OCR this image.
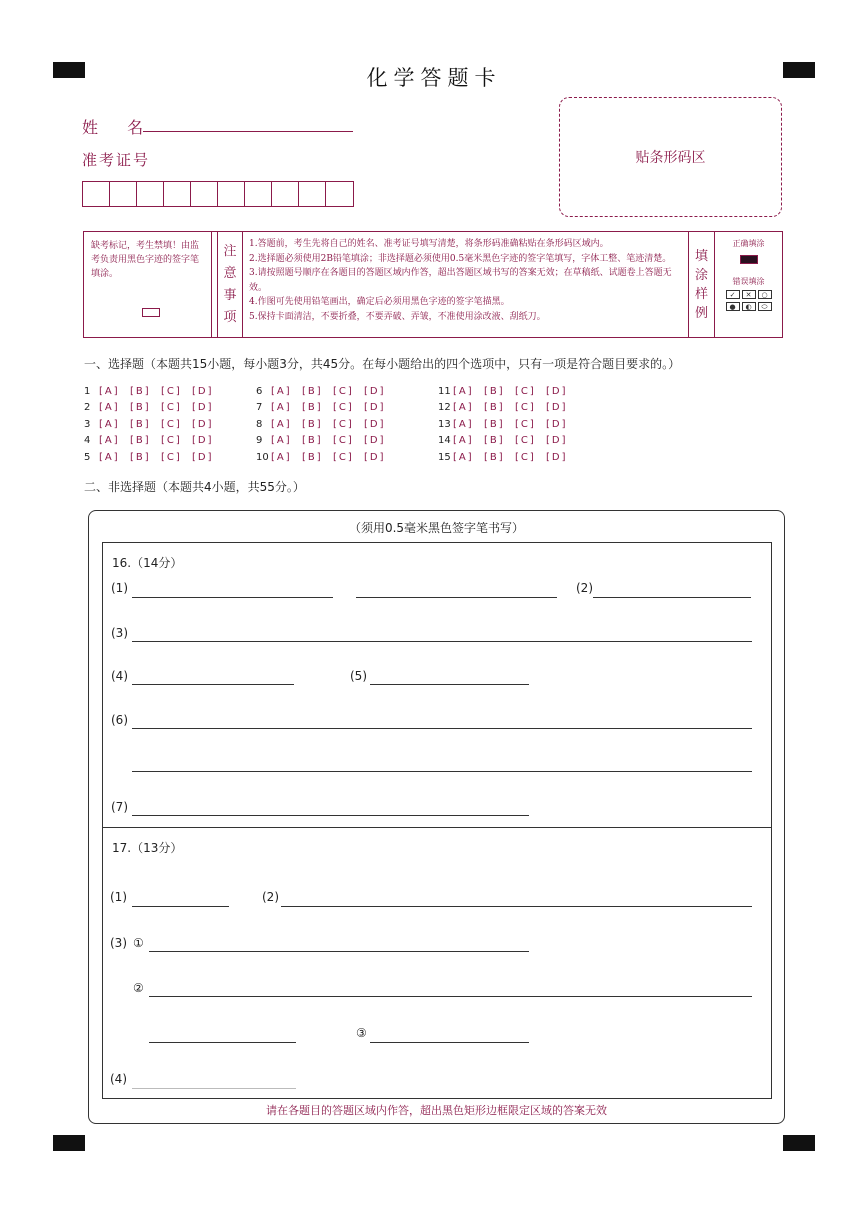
化学答题卡
姓 名
准考证号	贴条形码区
缺考标记，考生禁填！由监考负责用黑色字迹的签字笔填涂。
注
意
事
项
1.答题前，考生先将自己的姓名、准考证号填写清楚，将条形码准确粘贴在条形码区域内。
2.选择题必须使用2B铅笔填涂；非选择题必须使用0.5毫米黑色字迹的签字笔填写，字体工整、笔迹清楚。
3.请按照题号顺序在各题目的答题区域内作答，超出答题区域书写的答案无效；在草稿纸、试题卷上答题无效。
4.作图可先使用铅笔画出，确定后必须用黑色字迹的签字笔描黑。
5.保持卡面清洁，不要折叠，不要弄破、弄皱，不准使用涂改液、刮纸刀。
填
涂
样
例
正确填涂
错误填涂
✓	✕	○
●	◐	⬭
一、选择题（本题共15小题，每小题3分，共45分。在每小题给出的四个选项中，只有一项是符合题目要求的。）
1 [A]	[B]	[C]	[D]	6 [A]	[B]	[C]	[D]	11 [A]	[B]	[C]	[D]
2 [A]	[B]	[C]	[D]	7 [A]	[B]	[C]	[D]	12 [A]	[B]	[C]	[D]
3 [A]	[B]	[C]	[D]	8 [A]	[B]	[C]	[D]	13 [A]	[B]	[C]	[D]
4 [A]	[B]	[C]	[D]	9 [A]	[B]	[C]	[D]	14 [A]	[B]	[C]	[D]
5 [A]	[B]	[C]	[D]	10 [A]	[B]	[C]	[D]	15 [A]	[B]	[C]	[D]
二、非选择题（本题共4小题，共55分。）
（须用0.5毫米黑色签字笔书写）
16.（14分）
(1)	(2)
(3)
(4)	(5)
(6)
(7)
17.（13分）
(1)	(2)
(3) ①
②
③
(4)
请在各题目的答题区域内作答，超出黑色矩形边框限定区域的答案无效
